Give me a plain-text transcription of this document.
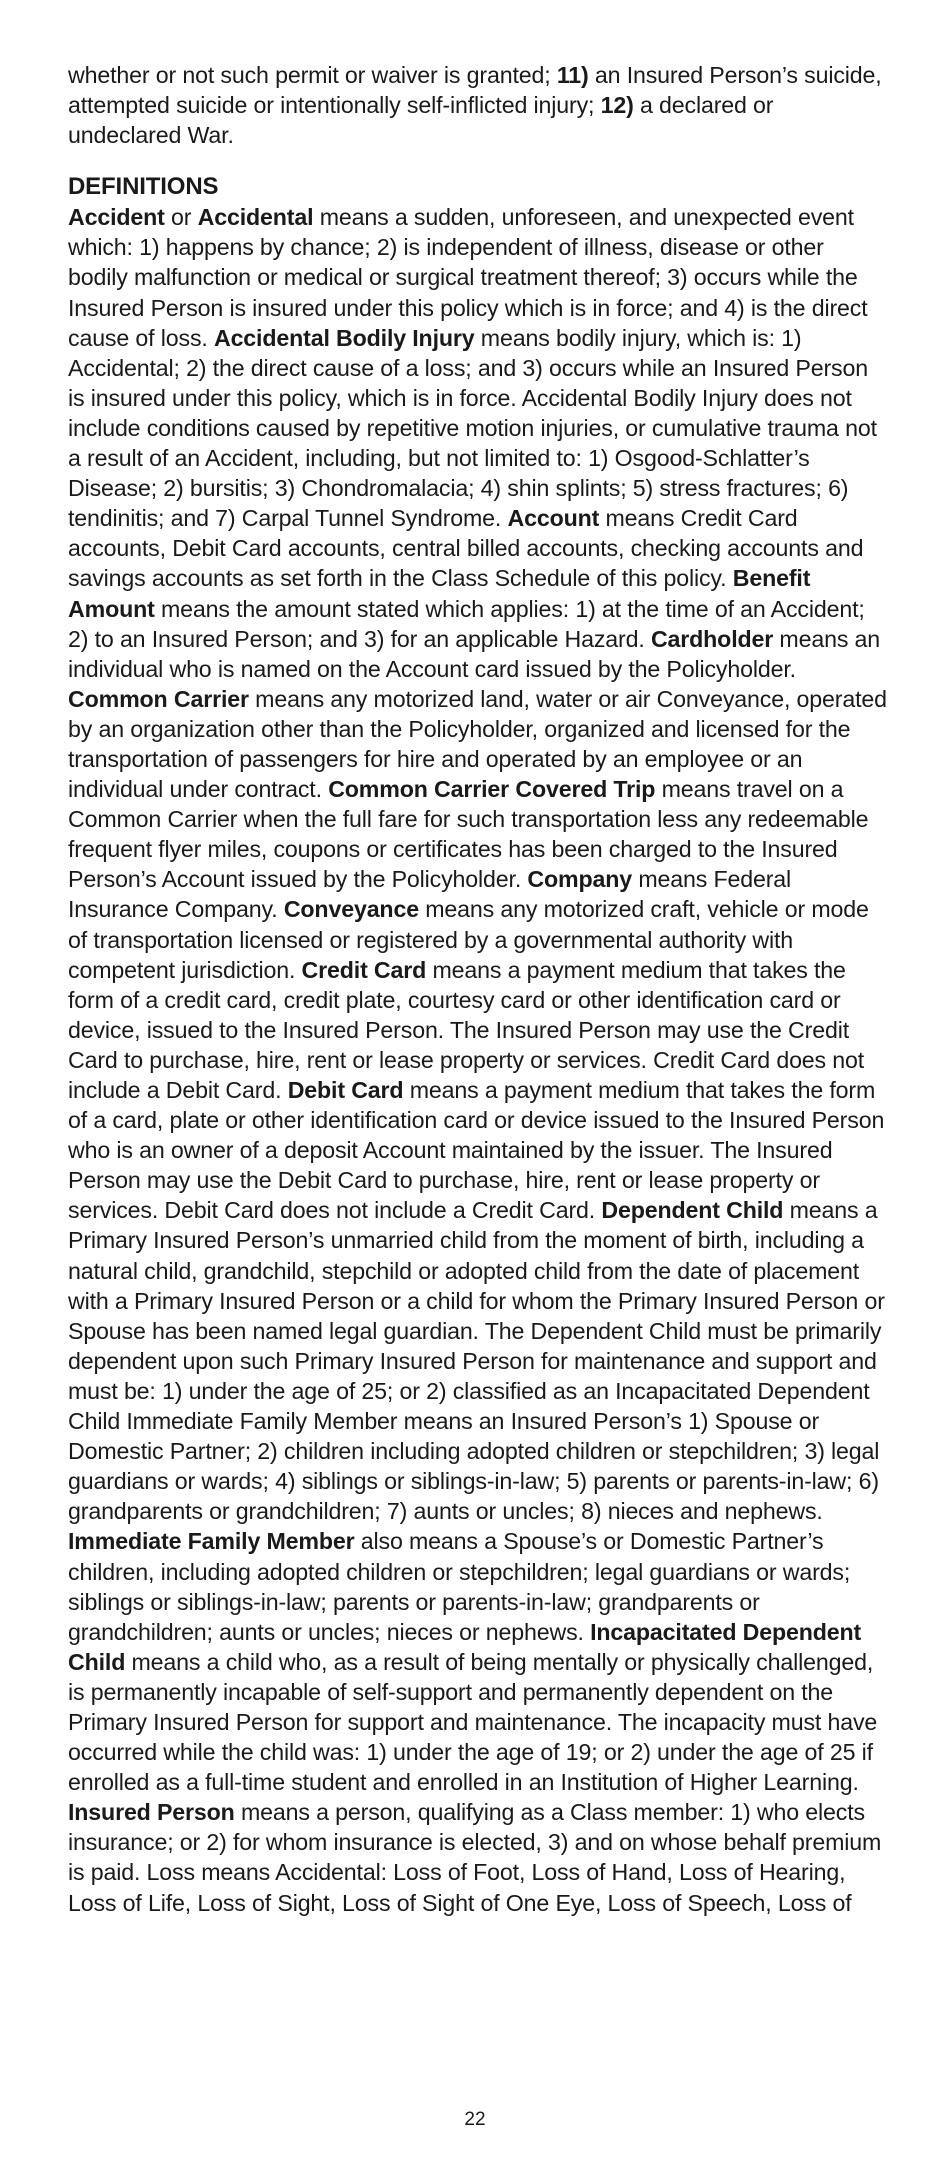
whether or not such permit or waiver is granted; 11) an Insured Person’s suicide, attempted suicide or intentionally self-inflicted injury; 12) a declared or undeclared War.

DEFINITIONS

Accident or Accidental means a sudden, unforeseen, and unexpected event which: 1) happens by chance; 2) is independent of illness, disease or other bodily malfunction or medical or surgical treatment thereof; 3) occurs while the Insured Person is insured under this policy which is in force; and 4) is the direct cause of loss. Accidental Bodily Injury means bodily injury, which is: 1) Accidental; 2) the direct cause of a loss; and 3) occurs while an Insured Person is insured under this policy, which is in force. Accidental Bodily Injury does not include conditions caused by repetitive motion injuries, or cumulative trauma not a result of an Accident, including, but not limited to: 1) Osgood-Schlatter’s Disease; 2) bursitis; 3) Chondromalacia; 4) shin splints; 5) stress fractures; 6) tendinitis; and 7) Carpal Tunnel Syndrome. Account means Credit Card accounts, Debit Card accounts, central billed accounts, checking accounts and savings accounts as set forth in the Class Schedule of this policy. Benefit Amount means the amount stated which applies: 1) at the time of an Accident; 2) to an Insured Person; and 3) for an applicable Hazard. Cardholder means an individual who is named on the Account card issued by the Policyholder. Common Carrier means any motorized land, water or air Conveyance, operated by an organization other than the Policyholder, organized and licensed for the transportation of passengers for hire and operated by an employee or an individual under contract. Common Carrier Covered Trip means travel on a Common Carrier when the full fare for such transportation less any redeemable frequent flyer miles, coupons or certificates has been charged to the Insured Person’s Account issued by the Policyholder. Company means Federal Insurance Company. Conveyance means any motorized craft, vehicle or mode of transportation licensed or registered by a governmental authority with competent jurisdiction. Credit Card means a payment medium that takes the form of a credit card, credit plate, courtesy card or other identification card or device, issued to the Insured Person. The Insured Person may use the Credit Card to purchase, hire, rent or lease property or services. Credit Card does not include a Debit Card. Debit Card means a payment medium that takes the form of a card, plate or other identification card or device issued to the Insured Person who is an owner of a deposit Account maintained by the issuer. The Insured Person may use the Debit Card to purchase, hire, rent or lease property or services. Debit Card does not include a Credit Card. Dependent Child means a Primary Insured Person’s unmarried child from the moment of birth, including a natural child, grandchild, stepchild or adopted child from the date of placement with a Primary Insured Person or a child for whom the Primary Insured Person or Spouse has been named legal guardian. The Dependent Child must be primarily dependent upon such Primary Insured Person for maintenance and support and must be: 1) under the age of 25; or 2) classified as an Incapacitated Dependent Child Immediate Family Member means an Insured Person’s 1) Spouse or Domestic Partner; 2) children including adopted children or stepchildren; 3) legal guardians or wards; 4) siblings or siblings-in-law; 5) parents or parents-in-law; 6) grandparents or grandchildren; 7) aunts or uncles; 8) nieces and nephews. Immediate Family Member also means a Spouse’s or Domestic Partner’s children, including adopted children or stepchildren; legal guardians or wards; siblings or siblings-in-law; parents or parents-in-law; grandparents or grandchildren; aunts or uncles; nieces or nephews. Incapacitated Dependent Child means a child who, as a result of being mentally or physically challenged, is permanently incapable of self-support and permanently dependent on the Primary Insured Person for support and maintenance. The incapacity must have occurred while the child was: 1) under the age of 19; or 2) under the age of 25 if enrolled as a full-time student and enrolled in an Institution of Higher Learning. Insured Person means a person, qualifying as a Class member: 1) who elects insurance; or 2) for whom insurance is elected, 3) and on whose behalf premium is paid. Loss means Accidental: Loss of Foot, Loss of Hand, Loss of Hearing, Loss of Life, Loss of Sight, Loss of Sight of One Eye, Loss of Speech, Loss of

22
